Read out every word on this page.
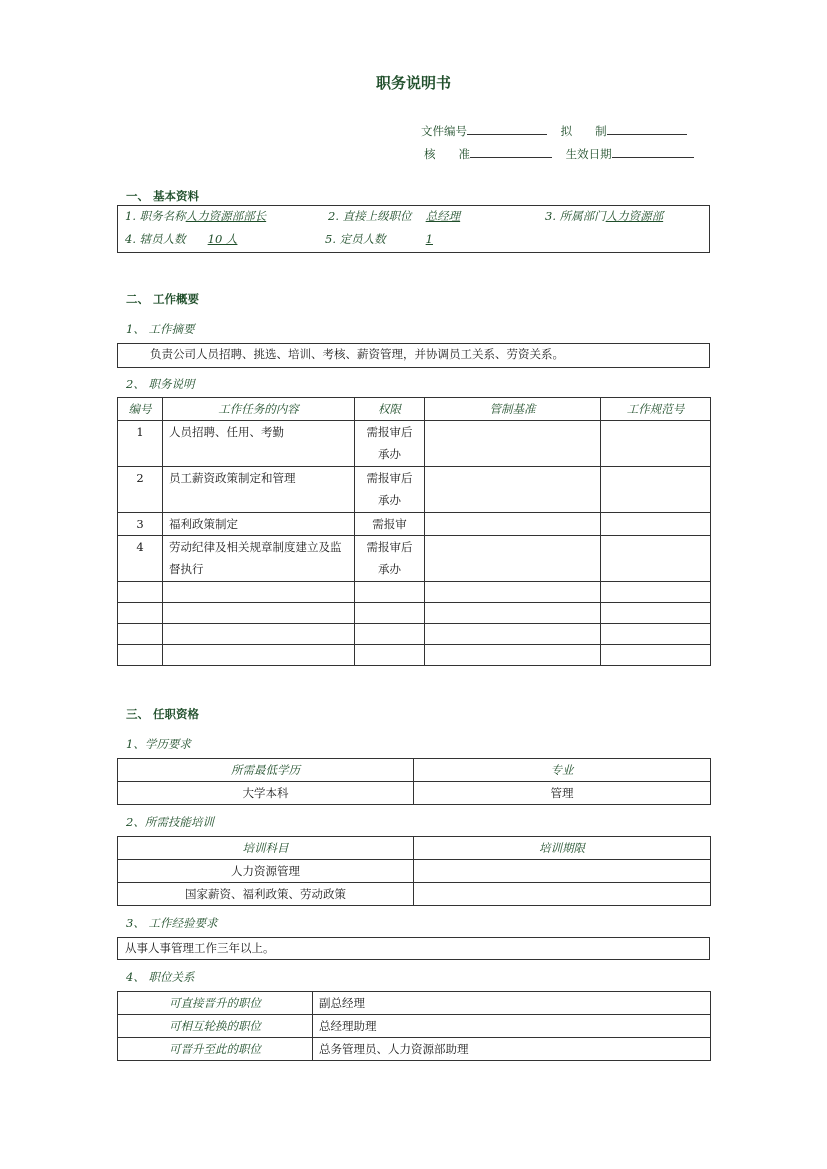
职务说明书
文件编号	拟　　制
核　　准	生效日期
一、 基本资料
1. 职务名称人力资源部部长	2. 直接上级职位 总经理	3. 所属部门人力资源部
4. 辖员人数 10 人	5. 定员人数	1
二、 工作概要
1、 工作摘要
负责公司人员招聘、挑选、培训、考核、薪资管理，并协调员工关系、劳资关系。
2、 职务说明
编号	工作任务的内容	权限	管制基准	工作规范号
1	人员招聘、任用、考勤	需报审后承办		
2	员工薪资政策制定和管理	需报审后承办		
3	福利政策制定	需报审		
4	劳动纪律及相关规章制度建立及监督执行	需报审后承办		

三、 任职资格
1、学历要求
所需最低学历	专业
大学本科	管理
2、所需技能培训
培训科目	培训期限
人力资源管理	
国家薪资、福利政策、劳动政策	
3、 工作经验要求
从事人事管理工作三年以上。
4、 职位关系
可直接晋升的职位	副总经理
可相互轮换的职位	总经理助理
可晋升至此的职位	总务管理员、人力资源部助理
